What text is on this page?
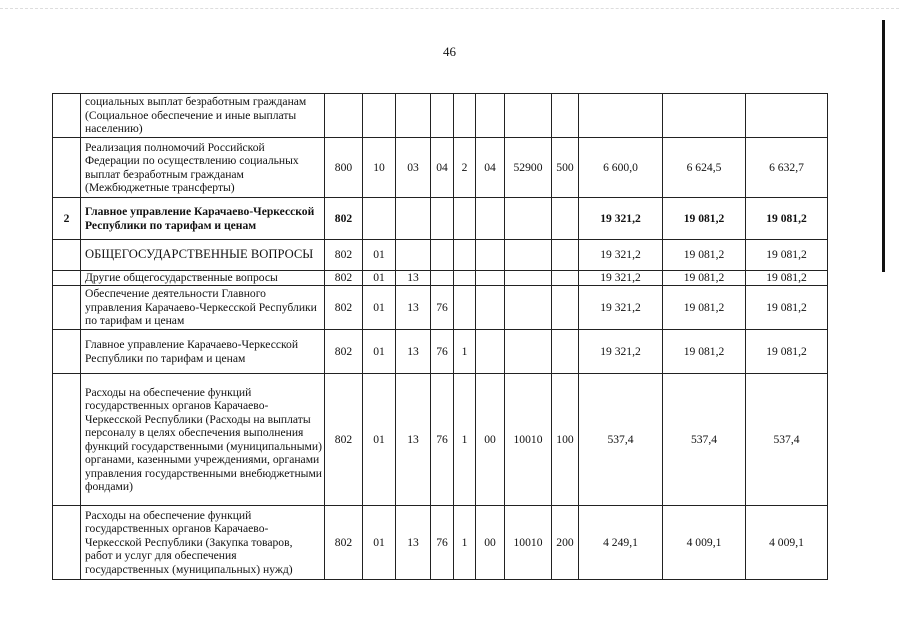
46
	социальных выплат безработным гражданам (Социальное обеспечение и иные выплаты населению)											
	Реализация полномочий Российской Федерации по осуществлению социальных выплат безработным гражданам (Межбюджетные трансферты)	800	10	03	04	2	04	52900	500	6 600,0	6 624,5	6 632,7
2	Главное управление Карачаево-Черкесской Республики по тарифам и ценам	802								19 321,2	19 081,2	19 081,2
	ОБЩЕГОСУДАРСТВЕННЫЕ ВОПРОСЫ	802	01							19 321,2	19 081,2	19 081,2
	Другие общегосударственные вопросы	802	01	13						19 321,2	19 081,2	19 081,2
	Обеспечение деятельности Главного управления Карачаево-Черкесской Республики по тарифам и ценам	802	01	13	76					19 321,2	19 081,2	19 081,2
	Главное управление Карачаево-Черкесской Республики по тарифам и ценам	802	01	13	76	1				19 321,2	19 081,2	19 081,2
	Расходы на обеспечение функций государственных органов Карачаево-Черкесской Республики (Расходы на выплаты персоналу в целях обеспечения выполнения функций государственными (муниципальными) органами, казенными учреждениями, органами управления государственными внебюджетными фондами)	802	01	13	76	1	00	10010	100	537,4	537,4	537,4
	Расходы на обеспечение функций государственных органов Карачаево-Черкесской Республики (Закупка товаров, работ и услуг для обеспечения государственных (муниципальных) нужд)	802	01	13	76	1	00	10010	200	4 249,1	4 009,1	4 009,1
